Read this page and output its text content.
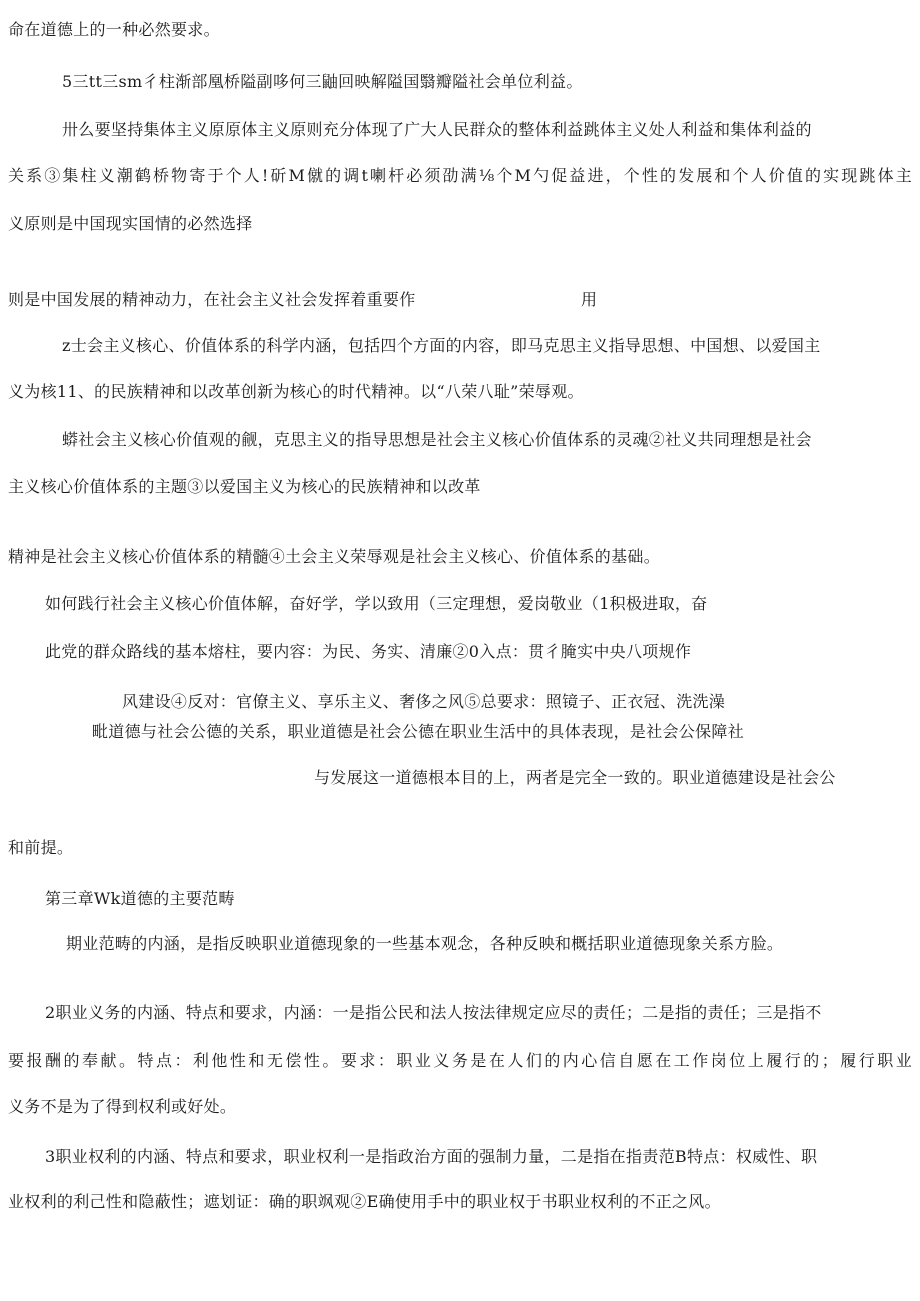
命在道德上的一种必然要求。
5三tt三sm彳柱渐部凰桥隘副哆何三鼬回映解隘国翳瓣隘社会单位利益。
卅么要坚持集体主义原原体主义原则充分体现了广大人民群众的整体利益跳体主义处人利益和集体利益的
关系③集柱义潮鹤桥物寄于个人!斫M僦的调t喇杆必须劭满⅛个M勺促益进，个性的发展和个人价值的实现跳体主
义原则是中国现实国情的必然选择
则是中国发展的精神动力，在社会主义社会发挥着重要作	用
z士会主义核心、价值体系的科学内涵，包括四个方面的内容，即马克思主义指导思想、中国想、以爱国主
义为核11、的民族精神和以改革创新为核心的时代精神。以“八荣八耻”荣辱观。
蟒社会主义核心价值观的觎，克思主义的指导思想是社会主义核心价值体系的灵魂②社义共同理想是社会
主义核心价值体系的主题③以爱国主义为核心的民族精神和以改革
精神是社会主义核心价值体系的精髓④土会主义荣辱观是社会主义核心、价值体系的基础。
如何践行社会主义核心价值体解，奋好学，学以致用（三定理想，爱岗敬业（1积极进取，奋
此党的群众路线的基本熔柱，要内容：为民、务实、清廉②0入点：贯彳腌实中央八项规作
风建设④反对：官僚主义、享乐主义、奢侈之风⑤总要求：照镜子、正衣冠、洗洗澡
毗道德与社会公德的关系，职业道德是社会公德在职业生活中的具体表现，是社会公保障社
与发展这一道德根本目的上，两者是完全一致的。职业道德建设是社会公
和前提。
第三章Wk道德的主要范畴
期业范畴的内涵，是指反映职业道德现象的一些基本观念，各种反映和概括职业道德现象关系方脸。
2职业义务的内涵、特点和要求，内涵：一是指公民和法人按法律规定应尽的责任；二是指的责任；三是指不
要报酬的奉献。特点：利他性和无偿性。要求：职业义务是在人们的内心信自愿在工作岗位上履行的；履行职业
义务不是为了得到权利或好处。
3职业权利的内涵、特点和要求，职业权利一是指政治方面的强制力量，二是指在指责范B特点：权威性、职
业权利的利己性和隐蔽性；遮划证：确的职飒观②E确使用手中的职业权于书职业权利的不正之风。
